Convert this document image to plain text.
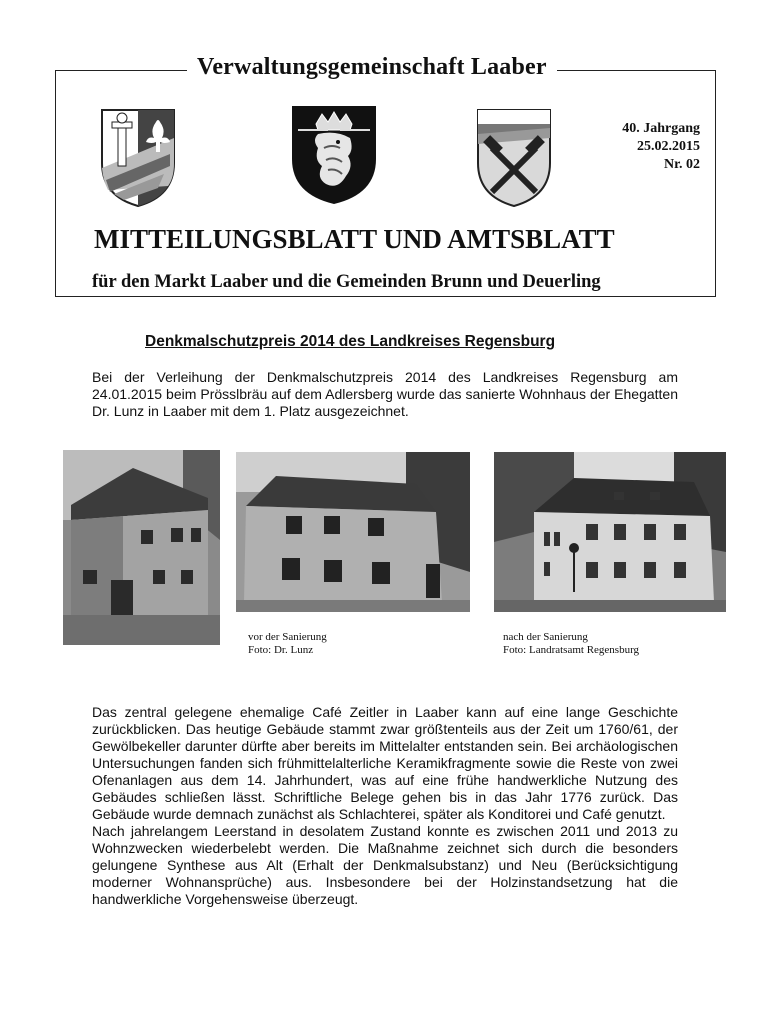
Verwaltungsgemeinschaft Laaber
40. Jahrgang
25.02.2015
Nr. 02
MITTEILUNGSBLATT UND AMTSBLATT
für den Markt Laaber und die Gemeinden Brunn und Deuerling
Denkmalschutzpreis 2014 des Landkreises Regensburg

Bei der Verleihung der Denkmalschutzpreis 2014 des Landkreises Regensburg am 24.01.2015 beim Prösslbräu auf dem Adlersberg wurde das sanierte Wohnhaus der Ehegatten Dr. Lunz in Laaber mit dem 1. Platz ausgezeichnet.

vor der Sanierung
Foto: Dr. Lunz
nach der Sanierung
Foto: Landratsamt Regensburg

Das zentral gelegene ehemalige Café Zeitler in Laaber kann auf eine lange Geschichte zurückblicken. Das heutige Gebäude stammt zwar größtenteils aus der Zeit um 1760/61, der Gewölbekeller darunter dürfte aber bereits im Mittelalter entstanden sein. Bei archäologischen Untersuchungen fanden sich frühmittelalterliche Keramikfragmente sowie die Reste von zwei Ofenanlagen aus dem 14. Jahrhundert, was auf eine frühe handwerkliche Nutzung des Gebäudes schließen lässt. Schriftliche Belege gehen bis in das Jahr 1776 zurück. Das Gebäude wurde demnach zunächst als Schlachterei, später als Konditorei und Café genutzt.

Nach jahrelangem Leerstand in desolatem Zustand konnte es zwischen 2011 und 2013 zu Wohnzwecken wiederbelebt werden. Die Maßnahme zeichnet sich durch die besonders gelungene Synthese aus Alt (Erhalt der Denkmalsubstanz) und Neu (Berücksichtigung moderner Wohnansprüche) aus. Insbesondere bei der Holzinstandsetzung hat die handwerkliche Vorgehensweise überzeugt.
